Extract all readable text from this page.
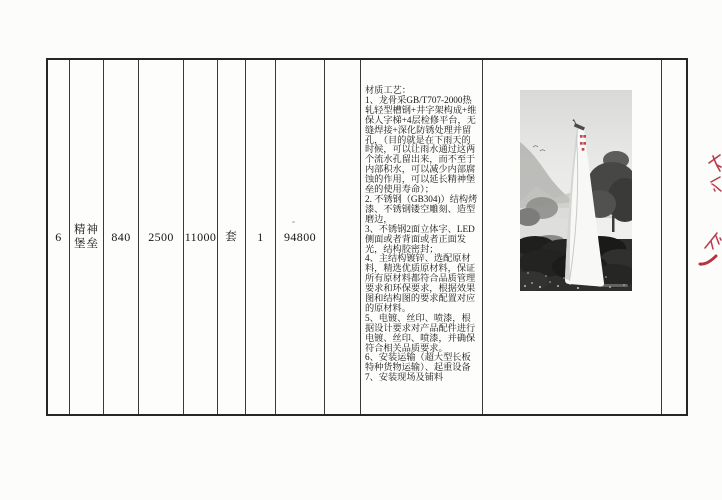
6	精神堡垒
840 2500 11000 套	1 94800

材质工艺：

1、龙骨采GB/T707-2000热轧轻型槽钢+井字架构成+维保人字梯+4层检修平台，无缝焊接+深化防锈处理并留孔，（目的就是在下雨天的时候，可以让雨水通过这两个流水孔留出来，而不至于内部积水，可以减少内部腐蚀的作用，可以延长精神堡垒的使用寿命）；

2. 不锈钢（GB304)）结构烤漆、不锈钢镂空雕刻、造型磨边，

3、不锈钢2面立体字、LED侧面或者背面或者正面发光，结构胶密封；

4、主结构镀锌、选配原材料，精选优质原材料，保证所有原材料都符合品质管理要求和环保要求，根据效果图和结构图的要求配置对应的原材料。

5、电镀、丝印、喷漆，根据设计要求对产品配件进行电镀、丝印、喷漆，并确保符合相关品质要求。

6、安装运输（超大型长板特种货物运输）、起重设备

7、安装现场及铺料

■■■■■
